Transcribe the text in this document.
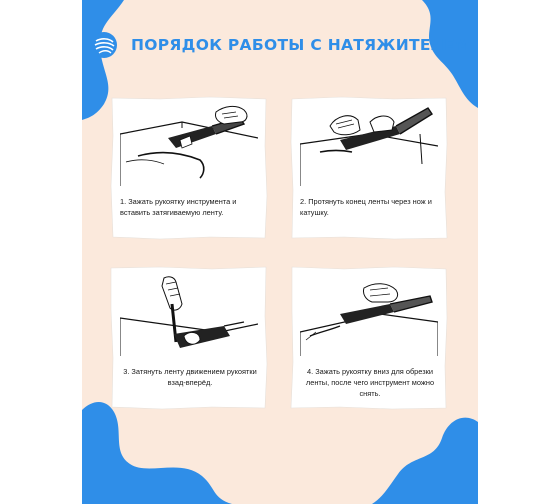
ПОРЯДОК РАБОТЫ С НАТЯЖИТЕЛЕМ
1. Зажать рукоятку инструмента и вставить затягиваемую ленту.
2. Протянуть конец ленты через нож и катушку.
3. Затянуть ленту движением рукоятки взад-вперёд.
4. Зажать рукоятку вниз для обрезки ленты, после чего инструмент можно снять.
